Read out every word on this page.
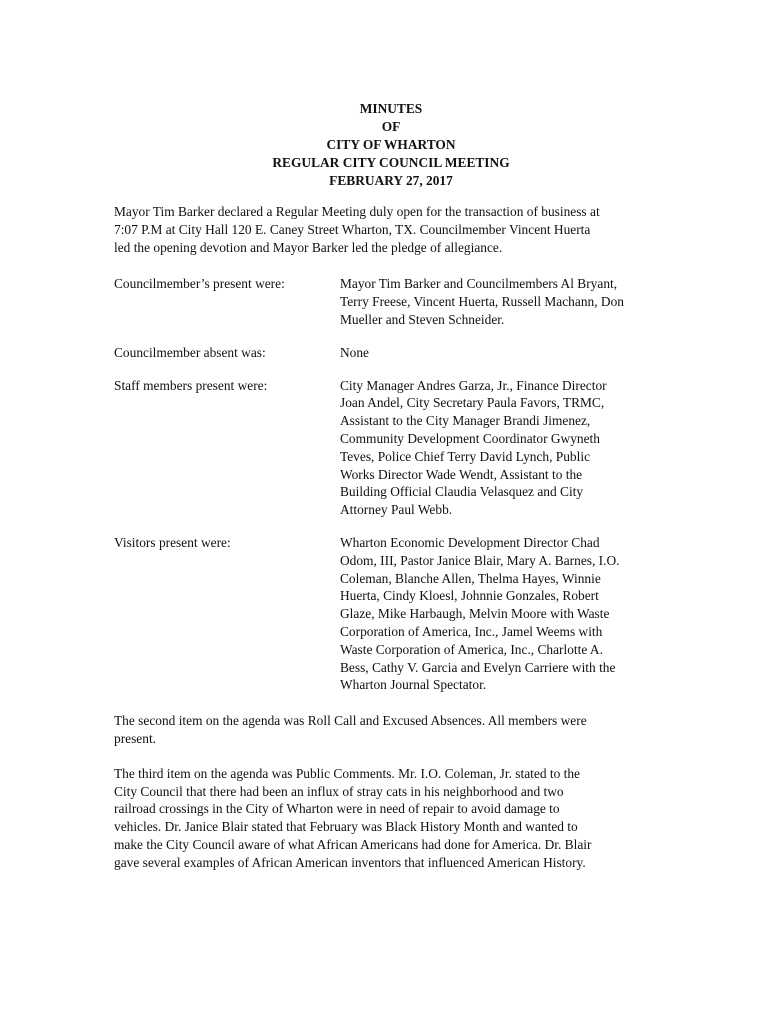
MINUTES
OF
CITY OF WHARTON
REGULAR CITY COUNCIL MEETING
FEBRUARY 27, 2017

Mayor Tim Barker declared a Regular Meeting duly open for the transaction of business at
7:07 P.M at City Hall 120 E. Caney Street Wharton, TX. Councilmember Vincent Huerta
led the opening devotion and Mayor Barker led the pledge of allegiance.

Councilmember’s present were:	Mayor Tim Barker and Councilmembers Al Bryant,
Terry Freese, Vincent Huerta, Russell Machann, Don
Mueller and Steven Schneider.
Councilmember absent was:	None
Staff members present were:	City Manager Andres Garza, Jr., Finance Director
Joan Andel, City Secretary Paula Favors, TRMC,
Assistant to the City Manager Brandi Jimenez,
Community Development Coordinator Gwyneth
Teves, Police Chief Terry David Lynch, Public
Works Director Wade Wendt, Assistant to the
Building Official Claudia Velasquez and City
Attorney Paul Webb.
Visitors present were:	Wharton Economic Development Director Chad
Odom, III, Pastor Janice Blair, Mary A. Barnes, I.O.
Coleman, Blanche Allen, Thelma Hayes, Winnie
Huerta, Cindy Kloesl, Johnnie Gonzales, Robert
Glaze, Mike Harbaugh, Melvin Moore with Waste
Corporation of America, Inc., Jamel Weems with
Waste Corporation of America, Inc., Charlotte A.
Bess, Cathy V. Garcia and Evelyn Carriere with the
Wharton Journal Spectator.

The second item on the agenda was Roll Call and Excused Absences. All members were
present.

The third item on the agenda was Public Comments. Mr. I.O. Coleman, Jr. stated to the
City Council that there had been an influx of stray cats in his neighborhood and two
railroad crossings in the City of Wharton were in need of repair to avoid damage to
vehicles. Dr. Janice Blair stated that February was Black History Month and wanted to
make the City Council aware of what African Americans had done for America. Dr. Blair
gave several examples of African American inventors that influenced American History.
